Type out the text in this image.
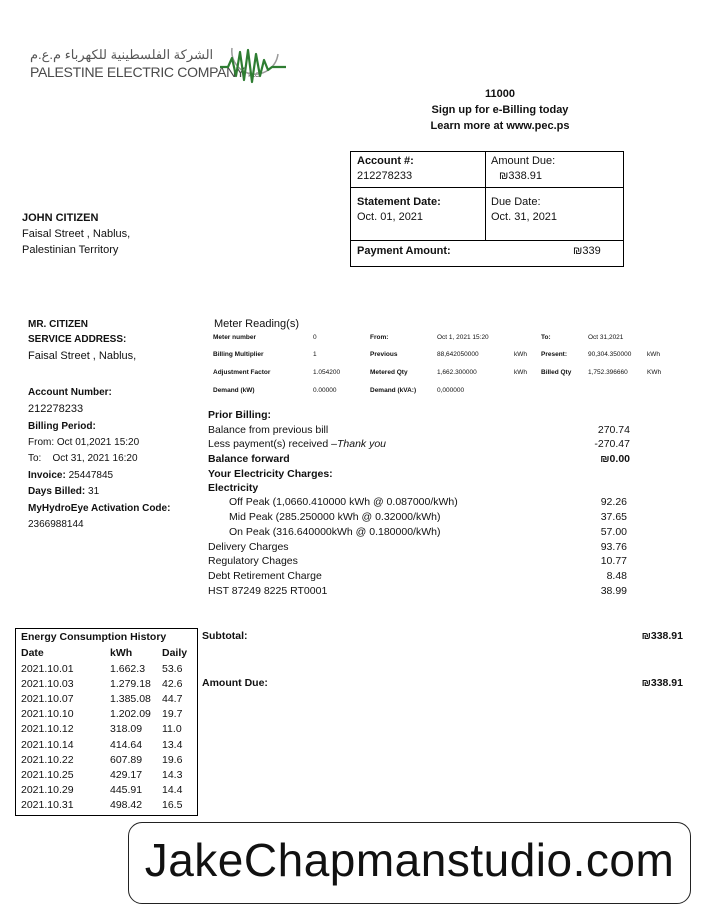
الشركة الفلسطينية للكهرباء م.ع.م
PALESTINE ELECTRIC COMPANY PLC
11000
Sign up for e-Billing today
Learn more at www.pec.ps
JOHN CITIZEN
Faisal Street , Nablus,
Palestinian Territory
Account #:
212278233
Amount Due:
₪338.91
Statement Date:
Oct. 01, 2021
Due Date:
Oct. 31, 2021
Payment Amount:	₪339
MR. CITIZEN
SERVICE ADDRESS:
Faisal Street , Nablus,
Account Number:
212278233
Billing Period:
From: Oct 01,2021 15:20
To: Oct 31, 2021 16:20
Invoice: 25447845
Days Billed: 31
MyHydroEye Activation Code:
2366988144
Meter Reading(s)
Meter number	0	From:	Oct 1, 2021 15:20	To:	Oct 31,2021
Billing Multiplier	1	Previous	88,642050000	kWh Present:	90,304.350000 kWh
Adjustment Factor	1.054200	Metered Qty	1,662.300000	kWh Billed Qty	1,752.396660	KWh
Demand (kW)	0.00000	Demand (kVA:)	0,000000
Prior Billing:
Balance from previous bill	270.74
Less payment(s) received –Thank you	-270.47
Balance forward	₪0.00
Your Electricity Charges:
Electricity
Off Peak (1,0660.410000 kWh @ 0.087000/kWh)	92.26
Mid Peak (285.250000 kWh @ 0.32000/kWh)	37.65
On Peak (316.640000kWh @ 0.180000/kWh)	57.00
Delivery Charges	93.76
Regulatory Chages	10.77
Debt Retirement Charge	8.48
HST 87249 8225 RT0001	38.99
Subtotal:	₪338.91
Amount Due:	₪338.91
Energy Consumption History
Date	kWh	Daily
2021.10.01	1.662.3 53.6
2021.10.03	1.279.18 42.6
2021.10.07	1.385.08 44.7
2021.10.10	1.202.09 19.7
2021.10.12	318.09 11.0
2021.10.14	414.64 13.4
2021.10.22	607.89 19.6
2021.10.25	429.17 14.3
2021.10.29	445.91 14.4
2021.10.31	498.42 16.5
JakeChapmanstudio.com
